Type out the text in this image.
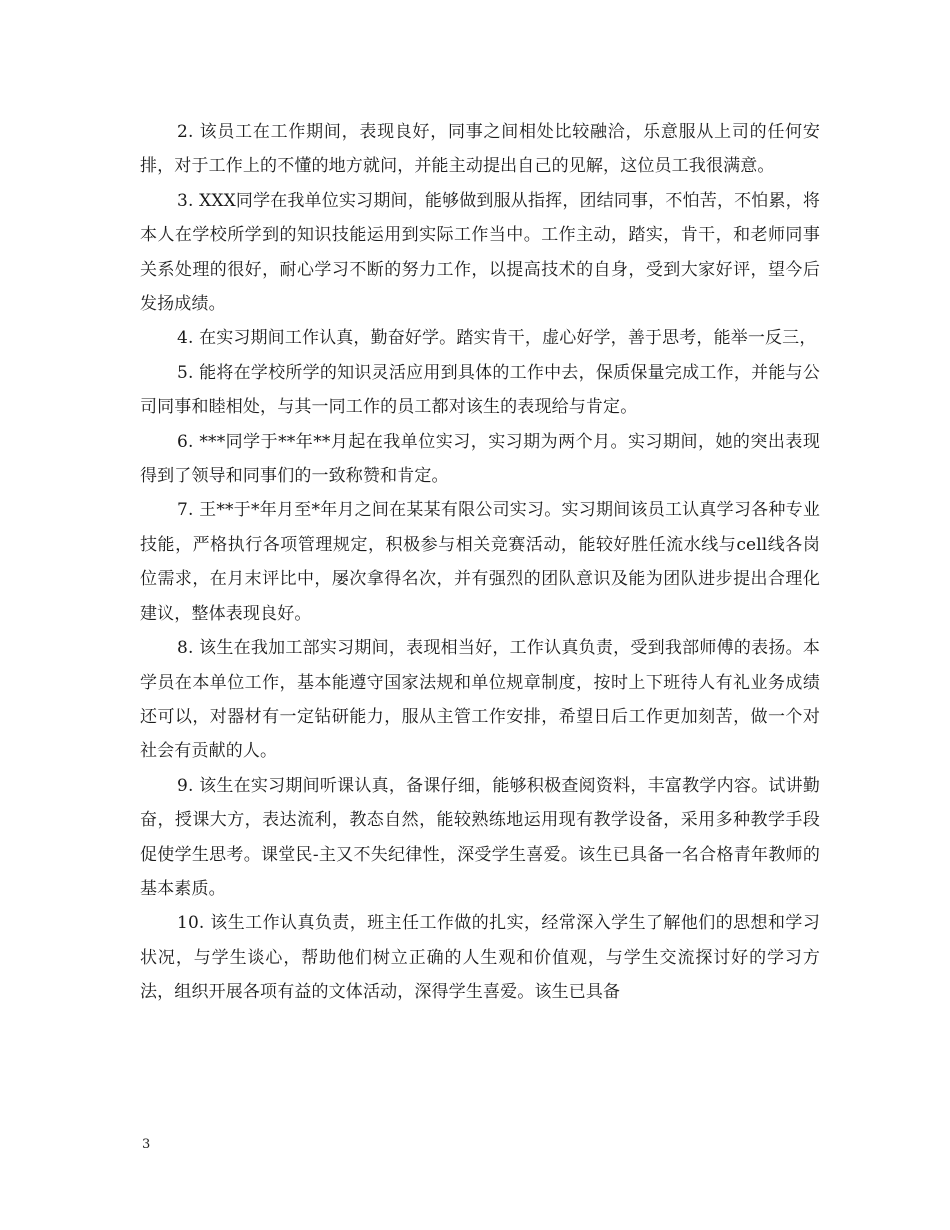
2. 该员工在工作期间，表现良好，同事之间相处比较融洽，乐意服从上司的任何安排，对于工作上的不懂的地方就问，并能主动提出自己的见解，这位员工我很满意。

3. XXX同学在我单位实习期间，能够做到服从指挥，团结同事，不怕苦，不怕累，将本人在学校所学到的知识技能运用到实际工作当中。工作主动，踏实，肯干，和老师同事关系处理的很好，耐心学习不断的努力工作，以提高技术的自身，受到大家好评，望今后发扬成绩。

4. 在实习期间工作认真，勤奋好学。踏实肯干，虚心好学，善于思考，能举一反三，

5. 能将在学校所学的知识灵活应用到具体的工作中去，保质保量完成工作，并能与公司同事和睦相处，与其一同工作的员工都对该生的表现给与肯定。

6. ***同学于**年**月起在我单位实习，实习期为两个月。实习期间，她的突出表现得到了领导和同事们的一致称赞和肯定。

7. 王**于*年月至*年月之间在某某有限公司实习。实习期间该员工认真学习各种专业技能，严格执行各项管理规定，积极参与相关竞赛活动，能较好胜任流水线与cell线各岗位需求，在月末评比中，屡次拿得名次，并有强烈的团队意识及能为团队进步提出合理化建议，整体表现良好。

8. 该生在我加工部实习期间，表现相当好，工作认真负责，受到我部师傅的表扬。本学员在本单位工作，基本能遵守国家法规和单位规章制度，按时上下班待人有礼业务成绩还可以，对器材有一定钻研能力，服从主管工作安排，希望日后工作更加刻苦，做一个对社会有贡献的人。

9. 该生在实习期间听课认真，备课仔细，能够积极查阅资料，丰富教学内容。试讲勤奋，授课大方，表达流利，教态自然，能较熟练地运用现有教学设备，采用多种教学手段促使学生思考。课堂民-主又不失纪律性，深受学生喜爱。该生已具备一名合格青年教师的基本素质。

10. 该生工作认真负责，班主任工作做的扎实，经常深入学生了解他们的思想和学习状况，与学生谈心，帮助他们树立正确的人生观和价值观，与学生交流探讨好的学习方法，组织开展各项有益的文体活动，深得学生喜爱。该生已具备

3
